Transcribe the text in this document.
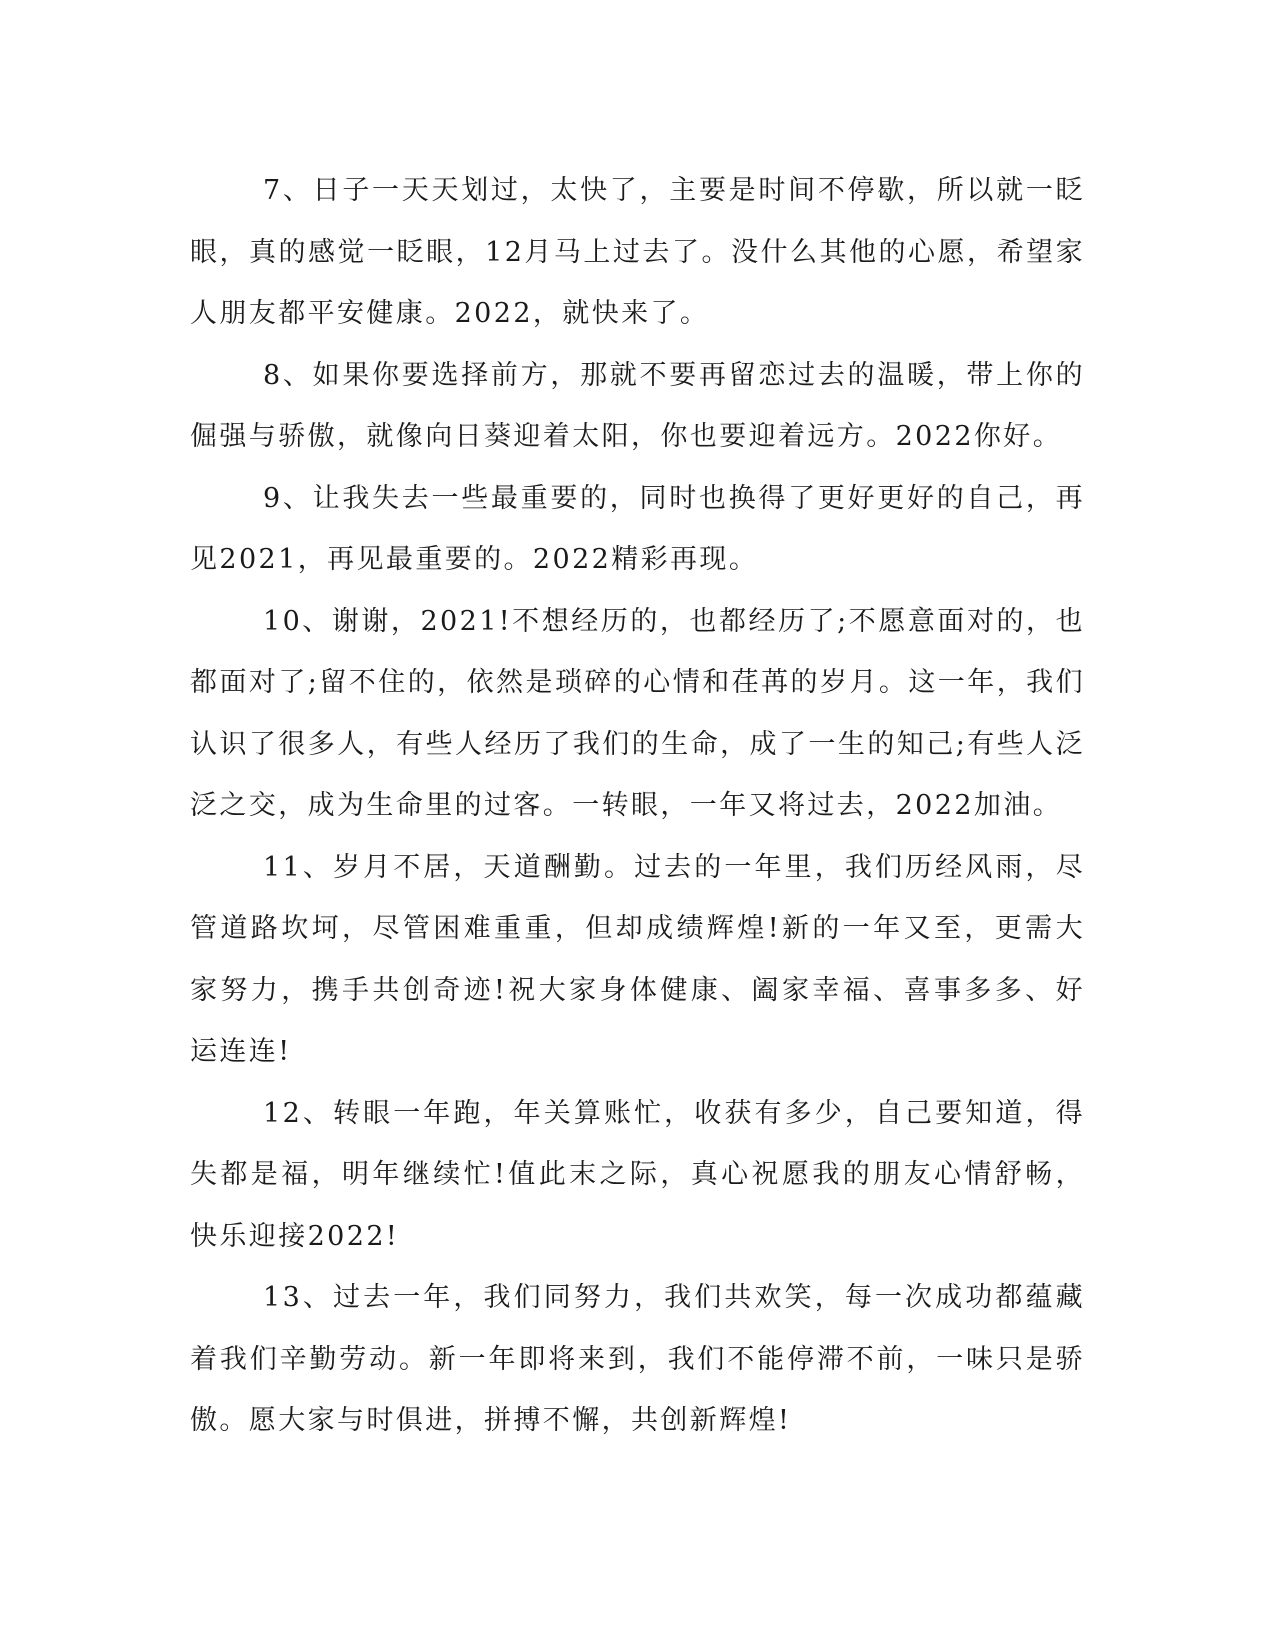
7、日子一天天划过，太快了，主要是时间不停歇，所以就一眨眼，真的感觉一眨眼，12月马上过去了。没什么其他的心愿，希望家人朋友都平安健康。2022，就快来了。

8、如果你要选择前方，那就不要再留恋过去的温暖，带上你的倔强与骄傲，就像向日葵迎着太阳，你也要迎着远方。2022你好。

9、让我失去一些最重要的，同时也换得了更好更好的自己，再见2021，再见最重要的。2022精彩再现。

10、谢谢，2021!不想经历的，也都经历了;不愿意面对的，也都面对了;留不住的，依然是琐碎的心情和荏苒的岁月。这一年，我们认识了很多人，有些人经历了我们的生命，成了一生的知己;有些人泛泛之交，成为生命里的过客。一转眼，一年又将过去，2022加油。

11、岁月不居，天道酬勤。过去的一年里，我们历经风雨，尽管道路坎坷，尽管困难重重，但却成绩辉煌!新的一年又至，更需大家努力，携手共创奇迹!祝大家身体健康、阖家幸福、喜事多多、好运连连!

12、转眼一年跑，年关算账忙，收获有多少，自己要知道，得失都是福，明年继续忙!值此末之际，真心祝愿我的朋友心情舒畅，快乐迎接2022!

13、过去一年，我们同努力，我们共欢笑，每一次成功都蕴藏着我们辛勤劳动。新一年即将来到，我们不能停滞不前，一味只是骄傲。愿大家与时俱进，拼搏不懈，共创新辉煌!
